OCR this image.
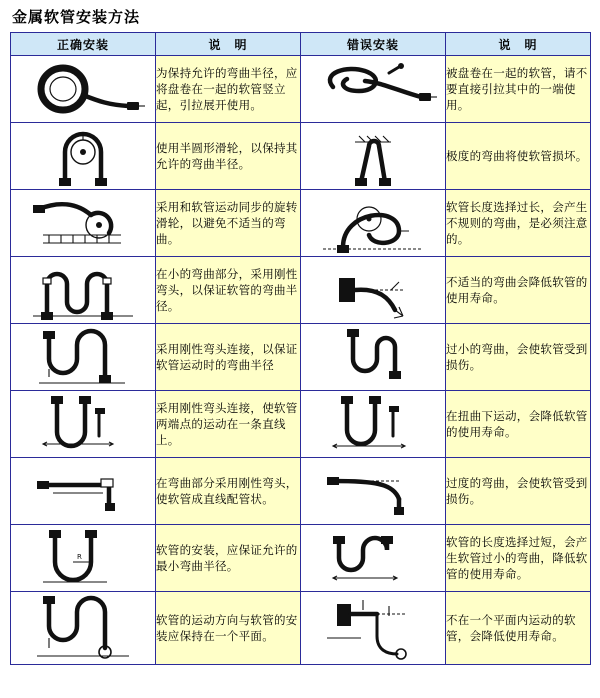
金属软管安装方法
正确安装	说　明	错误安装	说　明

	为保持允许的弯曲半径，应将盘卷在一起的软管竖立起，引拉展开使用。		被盘卷在一起的软管，请不要直接引拉其中的一端使用。

	使用半圆形滑轮，以保持其允许的弯曲半径。		极度的弯曲将使软管损坏。

	采用和软管运动同步的旋转滑轮，以避免不适当的弯曲。		软管长度选择过长，会产生不规则的弯曲，是必须注意的。

	在小的弯曲部分，采用刚性弯头，以保证软管的弯曲半径。		不适当的弯曲会降低软管的使用寿命。

	采用刚性弯头连接，以保证软管运动时的弯曲半径		过小的弯曲，会使软管受到损伤。

	采用刚性弯头连接，使软管两端点的运动在一条直线上。		在扭曲下运动，会降低软管的使用寿命。

	在弯曲部分采用刚性弯头，使软管成直线配管状。		过度的弯曲，会使软管受到损伤。

R	软管的安装，应保证允许的最小弯曲半径。		软管的长度选择过短，会产生软管过小的弯曲，降低软管的使用寿命。

	软管的运动方向与软管的安装应保持在一个平面。		不在一个平面内运动的软管，会降低使用寿命。
